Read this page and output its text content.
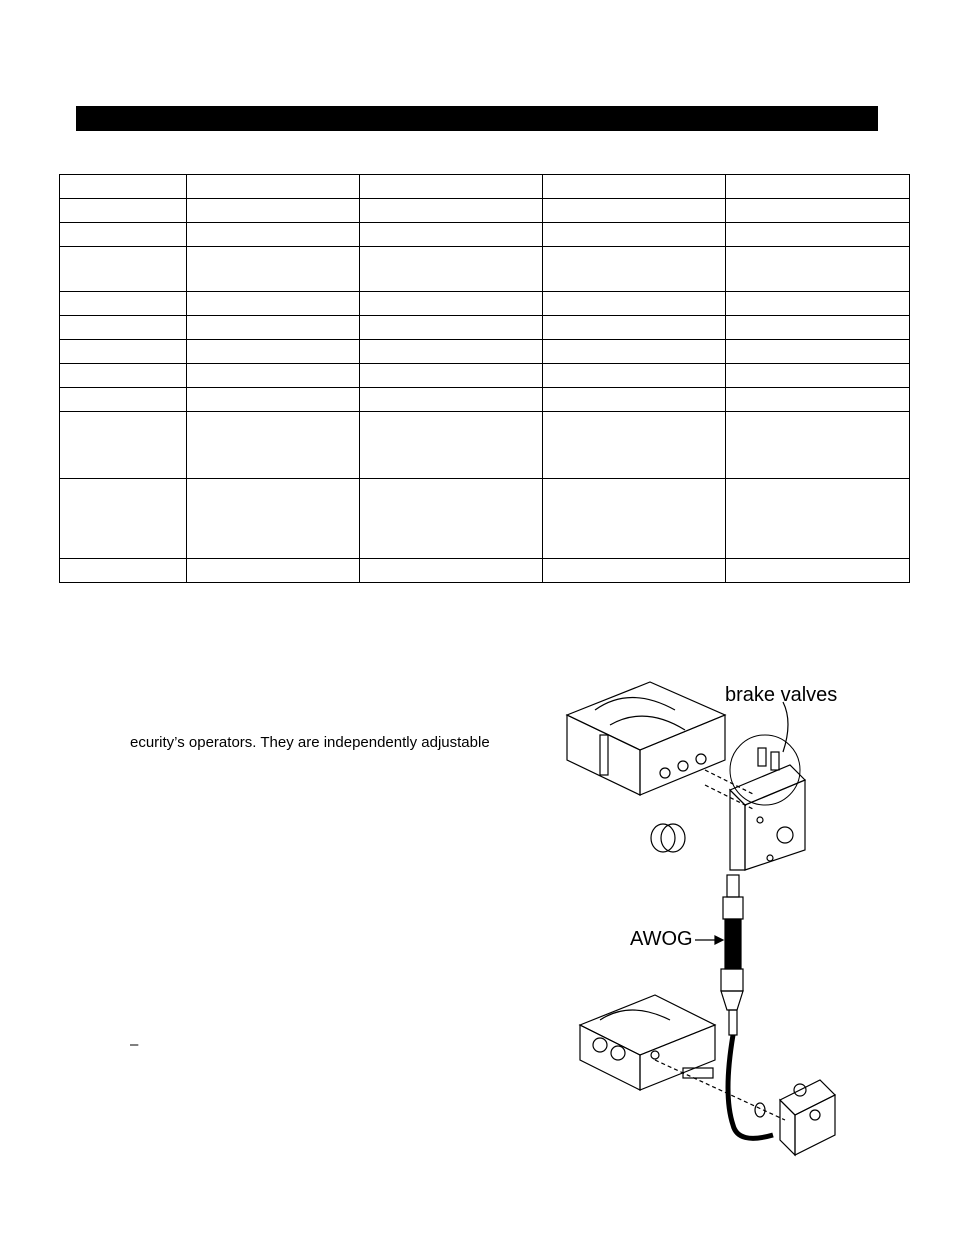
ecurity’s operators. They are independently adjustable
–
brake valves
AWOG
